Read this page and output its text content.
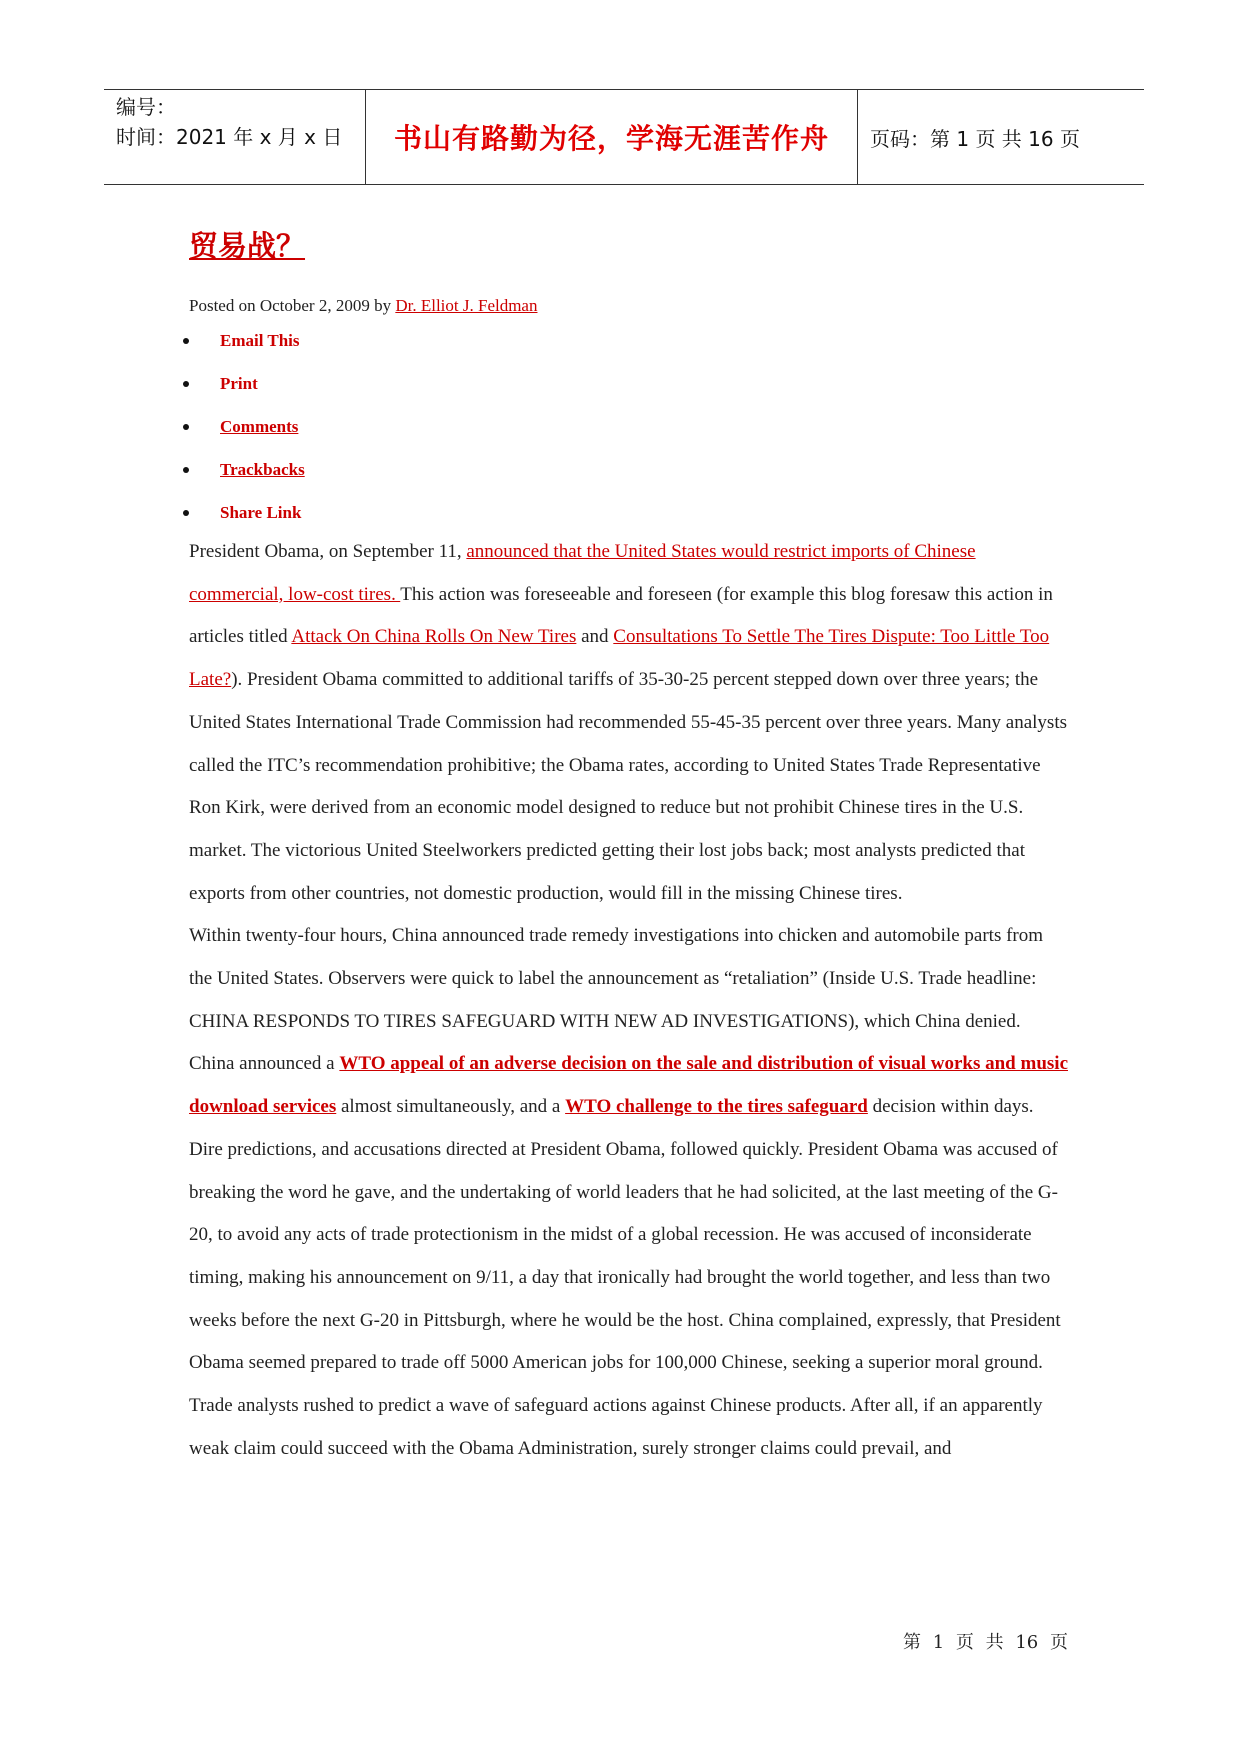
编号：
时间：2021 年 x 月 x 日	书山有路勤为径，学海无涯苦作舟	页码：第 1 页 共 16 页
贸易战？
Posted on October 2, 2009 by Dr. Elliot J. Feldman
Email This
Print
Comments
Trackbacks
Share Link

President Obama, on September 11, announced that the United States would restrict imports of Chinese commercial, low-cost tires. This action was foreseeable and foreseen (for example this blog foresaw this action in articles titled Attack On China Rolls On New Tires and Consultations To Settle The Tires Dispute: Too Little Too Late?). President Obama committed to additional tariffs of 35-30-25 percent stepped down over three years; the United States International Trade Commission had recommended 55-45-35 percent over three years. Many analysts called the ITC’s recommendation prohibitive; the Obama rates, according to United States Trade Representative Ron Kirk, were derived from an economic model designed to reduce but not prohibit Chinese tires in the U.S. market. The victorious United Steelworkers predicted getting their lost jobs back; most analysts predicted that exports from other countries, not domestic production, would fill in the missing Chinese tires.

Within twenty-four hours, China announced trade remedy investigations into chicken and automobile parts from the United States. Observers were quick to label the announcement as “retaliation” (Inside U.S. Trade headline: CHINA RESPONDS TO TIRES SAFEGUARD WITH NEW AD INVESTIGATIONS), which China denied. China announced a WTO appeal of an adverse decision on the sale and distribution of visual works and music download services almost simultaneously, and a WTO challenge to the tires safeguard decision within days.

Dire predictions, and accusations directed at President Obama, followed quickly. President Obama was accused of breaking the word he gave, and the undertaking of world leaders that he had solicited, at the last meeting of the G-20, to avoid any acts of trade protectionism in the midst of a global recession. He was accused of inconsiderate timing, making his announcement on 9/11, a day that ironically had brought the world together, and less than two weeks before the next G-20 in Pittsburgh, where he would be the host. China complained, expressly, that President Obama seemed prepared to trade off 5000 American jobs for 100,000 Chinese, seeking a superior moral ground. Trade analysts rushed to predict a wave of safeguard actions against Chinese products. After all, if an apparently weak claim could succeed with the Obama Administration, surely stronger claims could prevail, and

第 1 页 共 16 页
